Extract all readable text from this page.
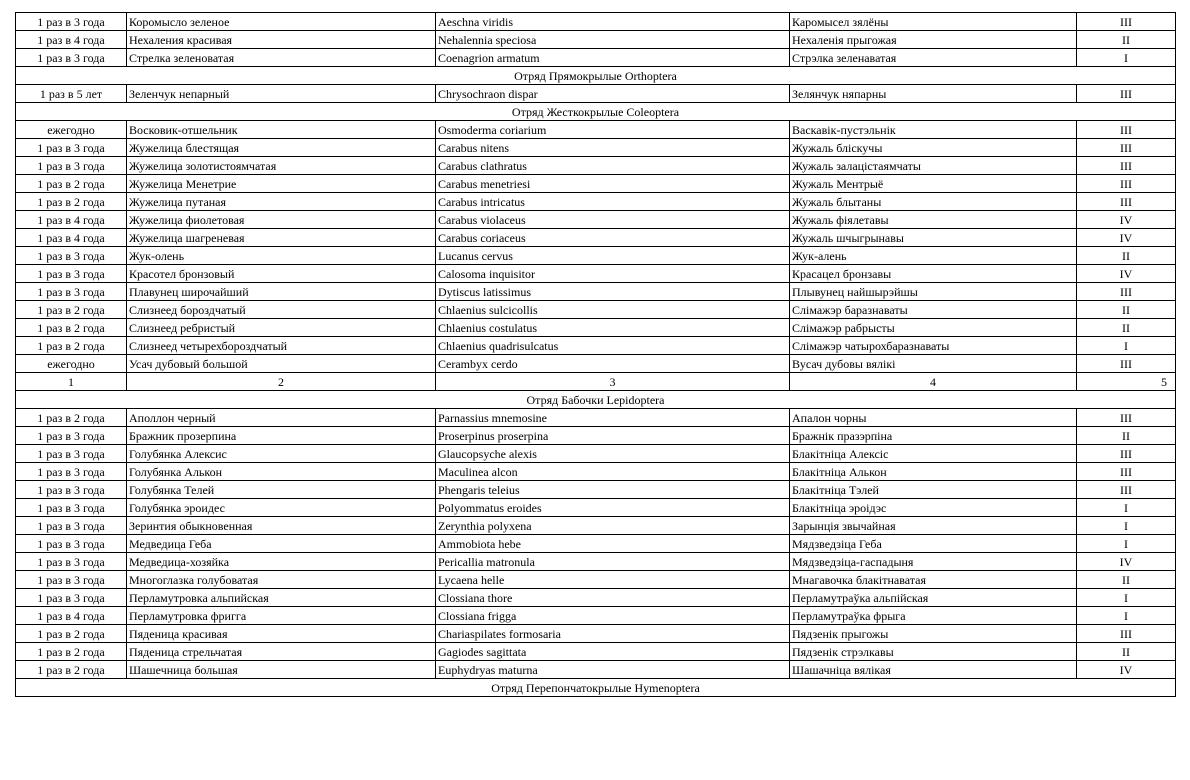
1 раз в 3 года	Коромысло зеленое	Aeschna viridis	Каромысел зялёны	III
1 раз в 4 года	Нехаления красивая	Nehalennia speciosa	Нехаленія прыгожая	II
1 раз в 3 года	Стрелка зеленоватая	Coenagrion armatum	Стрэлка зеленаватая	I
Отряд Прямокрылые Orthoptera				
1 раз в 5 лет	Зеленчук непарный	Chrysochraon dispar	Зелянчук няпарны	III
Отряд Жесткокрылые Coleoptera				
ежегодно	Восковик-отшельник	Osmoderma coriarium	Васкавік-пустэльнік	III
1 раз в 3 года	Жужелица блестящая	Carabus nitens	Жужаль бліскучы	III
1 раз в 3 года	Жужелица золотистоямчатая	Carabus clathratus	Жужаль залацістаямчаты	III
1 раз в 2 года	Жужелица Менетрие	Carabus menetriesi	Жужаль Ментрыё	III
1 раз в 2 года	Жужелица путаная	Carabus intricatus	Жужаль блытаны	III
1 раз в 4 года	Жужелица фиолетовая	Carabus violaceus	Жужаль фіялетавы	IV
1 раз в 4 года	Жужелица шагреневая	Carabus coriaceus	Жужаль шчыгрынавы	IV
1 раз в 3 года	Жук-олень	Lucanus cervus	Жук-алень	II
1 раз в 3 года	Красотел бронзовый	Calosoma inquisitor	Красацел бронзавы	IV
1 раз в 3 года	Плавунец широчайший	Dytiscus latissimus	Плывунец найшырэйшы	III
1 раз в 2 года	Слизнеед бороздчатый	Chlaenius sulcicollis	Слімажэр баразнаваты	II
1 раз в 2 года	Слизнеед ребристый	Chlaenius costulatus	Слімажэр рабрысты	II
1 раз в 2 года	Слизнеед четырехбороздчатый	Chlaenius quadrisulcatus	Слімажэр чатырохбаразнаваты	I
ежегодно	Усач дубовый большой	Cerambyx cerdo	Вусач дубовы вялікі	III
1	2	3	4	5
Отряд Бабочки Lepidoptera				
1 раз в 2 года	Аполлон черный	Parnassius mnemosine	Апалон чорны	III
1 раз в 3 года	Бражник прозерпина	Proserpinus proserpina	Бражнік празэрпіна	II
1 раз в 3 года	Голубянка Алексис	Glaucopsyche alexis	Блакітніца Алексіс	III
1 раз в 3 года	Голубянка Алькон	Maculinea alcon	Блакітніца Алькон	III
1 раз в 3 года	Голубянка Телей	Phengaris teleius	Блакітніца Тэлей	III
1 раз в 3 года	Голубянка эроидес	Polyommatus eroides	Блакітніца эроідэс	I
1 раз в 3 года	Зеринтия обыкновенная	Zerynthia polyxena	Зарынція звычайная	I
1 раз в 3 года	Медведица Геба	Ammobiota hebe	Мядзведзіца Геба	I
1 раз в 3 года	Медведица-хозяйка	Pericallia matronula	Мядзведзіца-гаспадыня	IV
1 раз в 3 года	Многоглазка голубоватая	Lycaena helle	Мнагавочка блакітнаватая	II
1 раз в 3 года	Перламутровка альпийская	Clossiana thore	Перламутраўка альпійская	I
1 раз в 4 года	Перламутровка фригга	Clossiana frigga	Перламутраўка фрыга	I
1 раз в 2 года	Пяденица красивая	Chariaspilates formosaria	Пядзенік прыгожы	III
1 раз в 2 года	Пяденица стрельчатая	Gagiodes sagittata	Пядзенік стрэлкавы	II
1 раз в 2 года	Шашечница большая	Euphydryas maturna	Шашачніца вялікая	IV
Отряд Перепончатокрылые Hymenoptera				
